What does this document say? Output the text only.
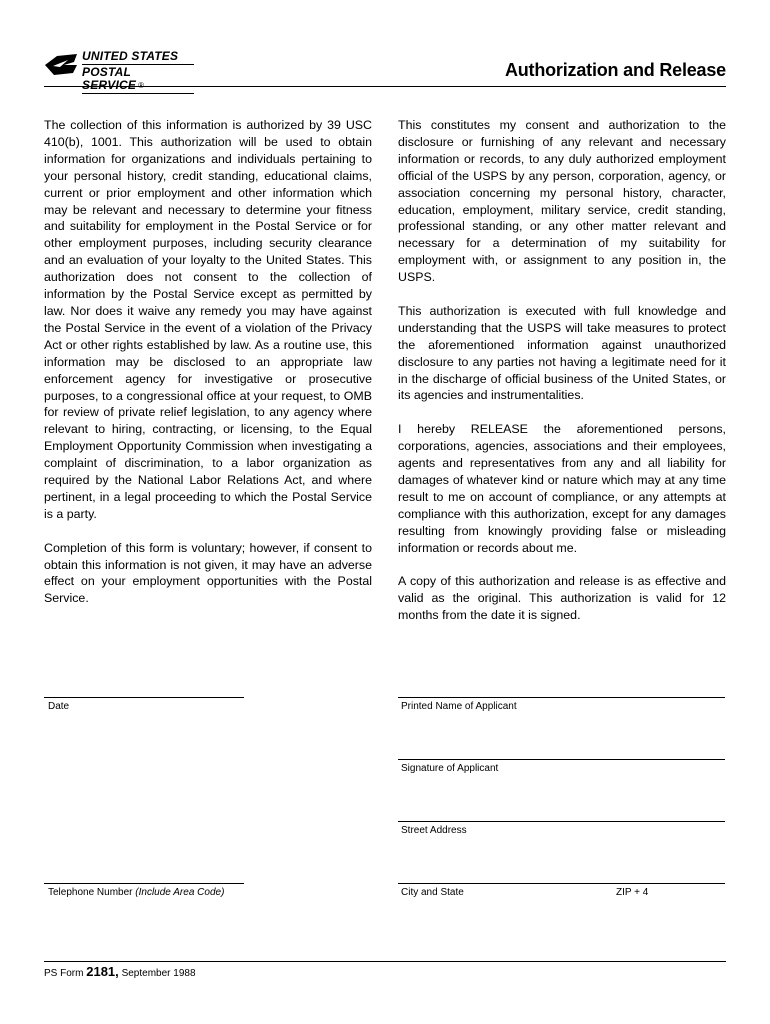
UNITED STATES
POSTAL SERVICE ®
Authorization and Release

The collection of this information is authorized by 39 USC 410(b), 1001. This authorization will be used to obtain information for organizations and individuals pertaining to your personal history, credit standing, educational claims, current or prior employment and other information which may be relevant and necessary to determine your fitness and suitability for employment in the Postal Service or for other employment purposes, including security clearance and an evaluation of your loyalty to the United States. This authorization does not consent to the collection of information by the Postal Service except as permitted by law. Nor does it waive any remedy you may have against the Postal Service in the event of a violation of the Privacy Act or other rights established by law. As a routine use, this information may be disclosed to an appropriate law enforcement agency for investigative or prosecutive purposes, to a congressional office at your request, to OMB for review of private relief legislation, to any agency where relevant to hiring, contracting, or licensing, to the Equal Employment Opportunity Commission when investigating a complaint of discrimination, to a labor organization as required by the National Labor Relations Act, and where pertinent, in a legal proceeding to which the Postal Service is a party.

Completion of this form is voluntary; however, if consent to obtain this information is not given, it may have an adverse effect on your employment opportunities with the Postal Service.

This constitutes my consent and authorization to the disclosure or furnishing of any relevant and necessary information or records, to any duly authorized employment official of the USPS by any person, corporation, agency, or association concerning my personal history, character, education, employment, military service, credit standing, professional standing, or any other matter relevant and necessary for a determination of my suitability for employment with, or assignment to any position in, the USPS.

This authorization is executed with full knowledge and understanding that the USPS will take measures to protect the aforementioned information against unauthorized disclosure to any parties not having a legitimate need for it in the discharge of official business of the United States, or its agencies and instrumentalities.

I hereby RELEASE the aforementioned persons, corporations, agencies, associations and their employees, agents and representatives from any and all liability for damages of whatever kind or nature which may at any time result to me on account of compliance, or any attempts at compliance with this authorization, except for any damages resulting from knowingly providing false or misleading information or records about me.

A copy of this authorization and release is as effective and valid as the original. This authorization is valid for 12 months from the date it is signed.

Date	Printed Name of Applicant
Signature of Applicant
Street Address
Telephone Number (Include Area Code)	City and State	ZIP + 4
PS Form 2181, September 1988
